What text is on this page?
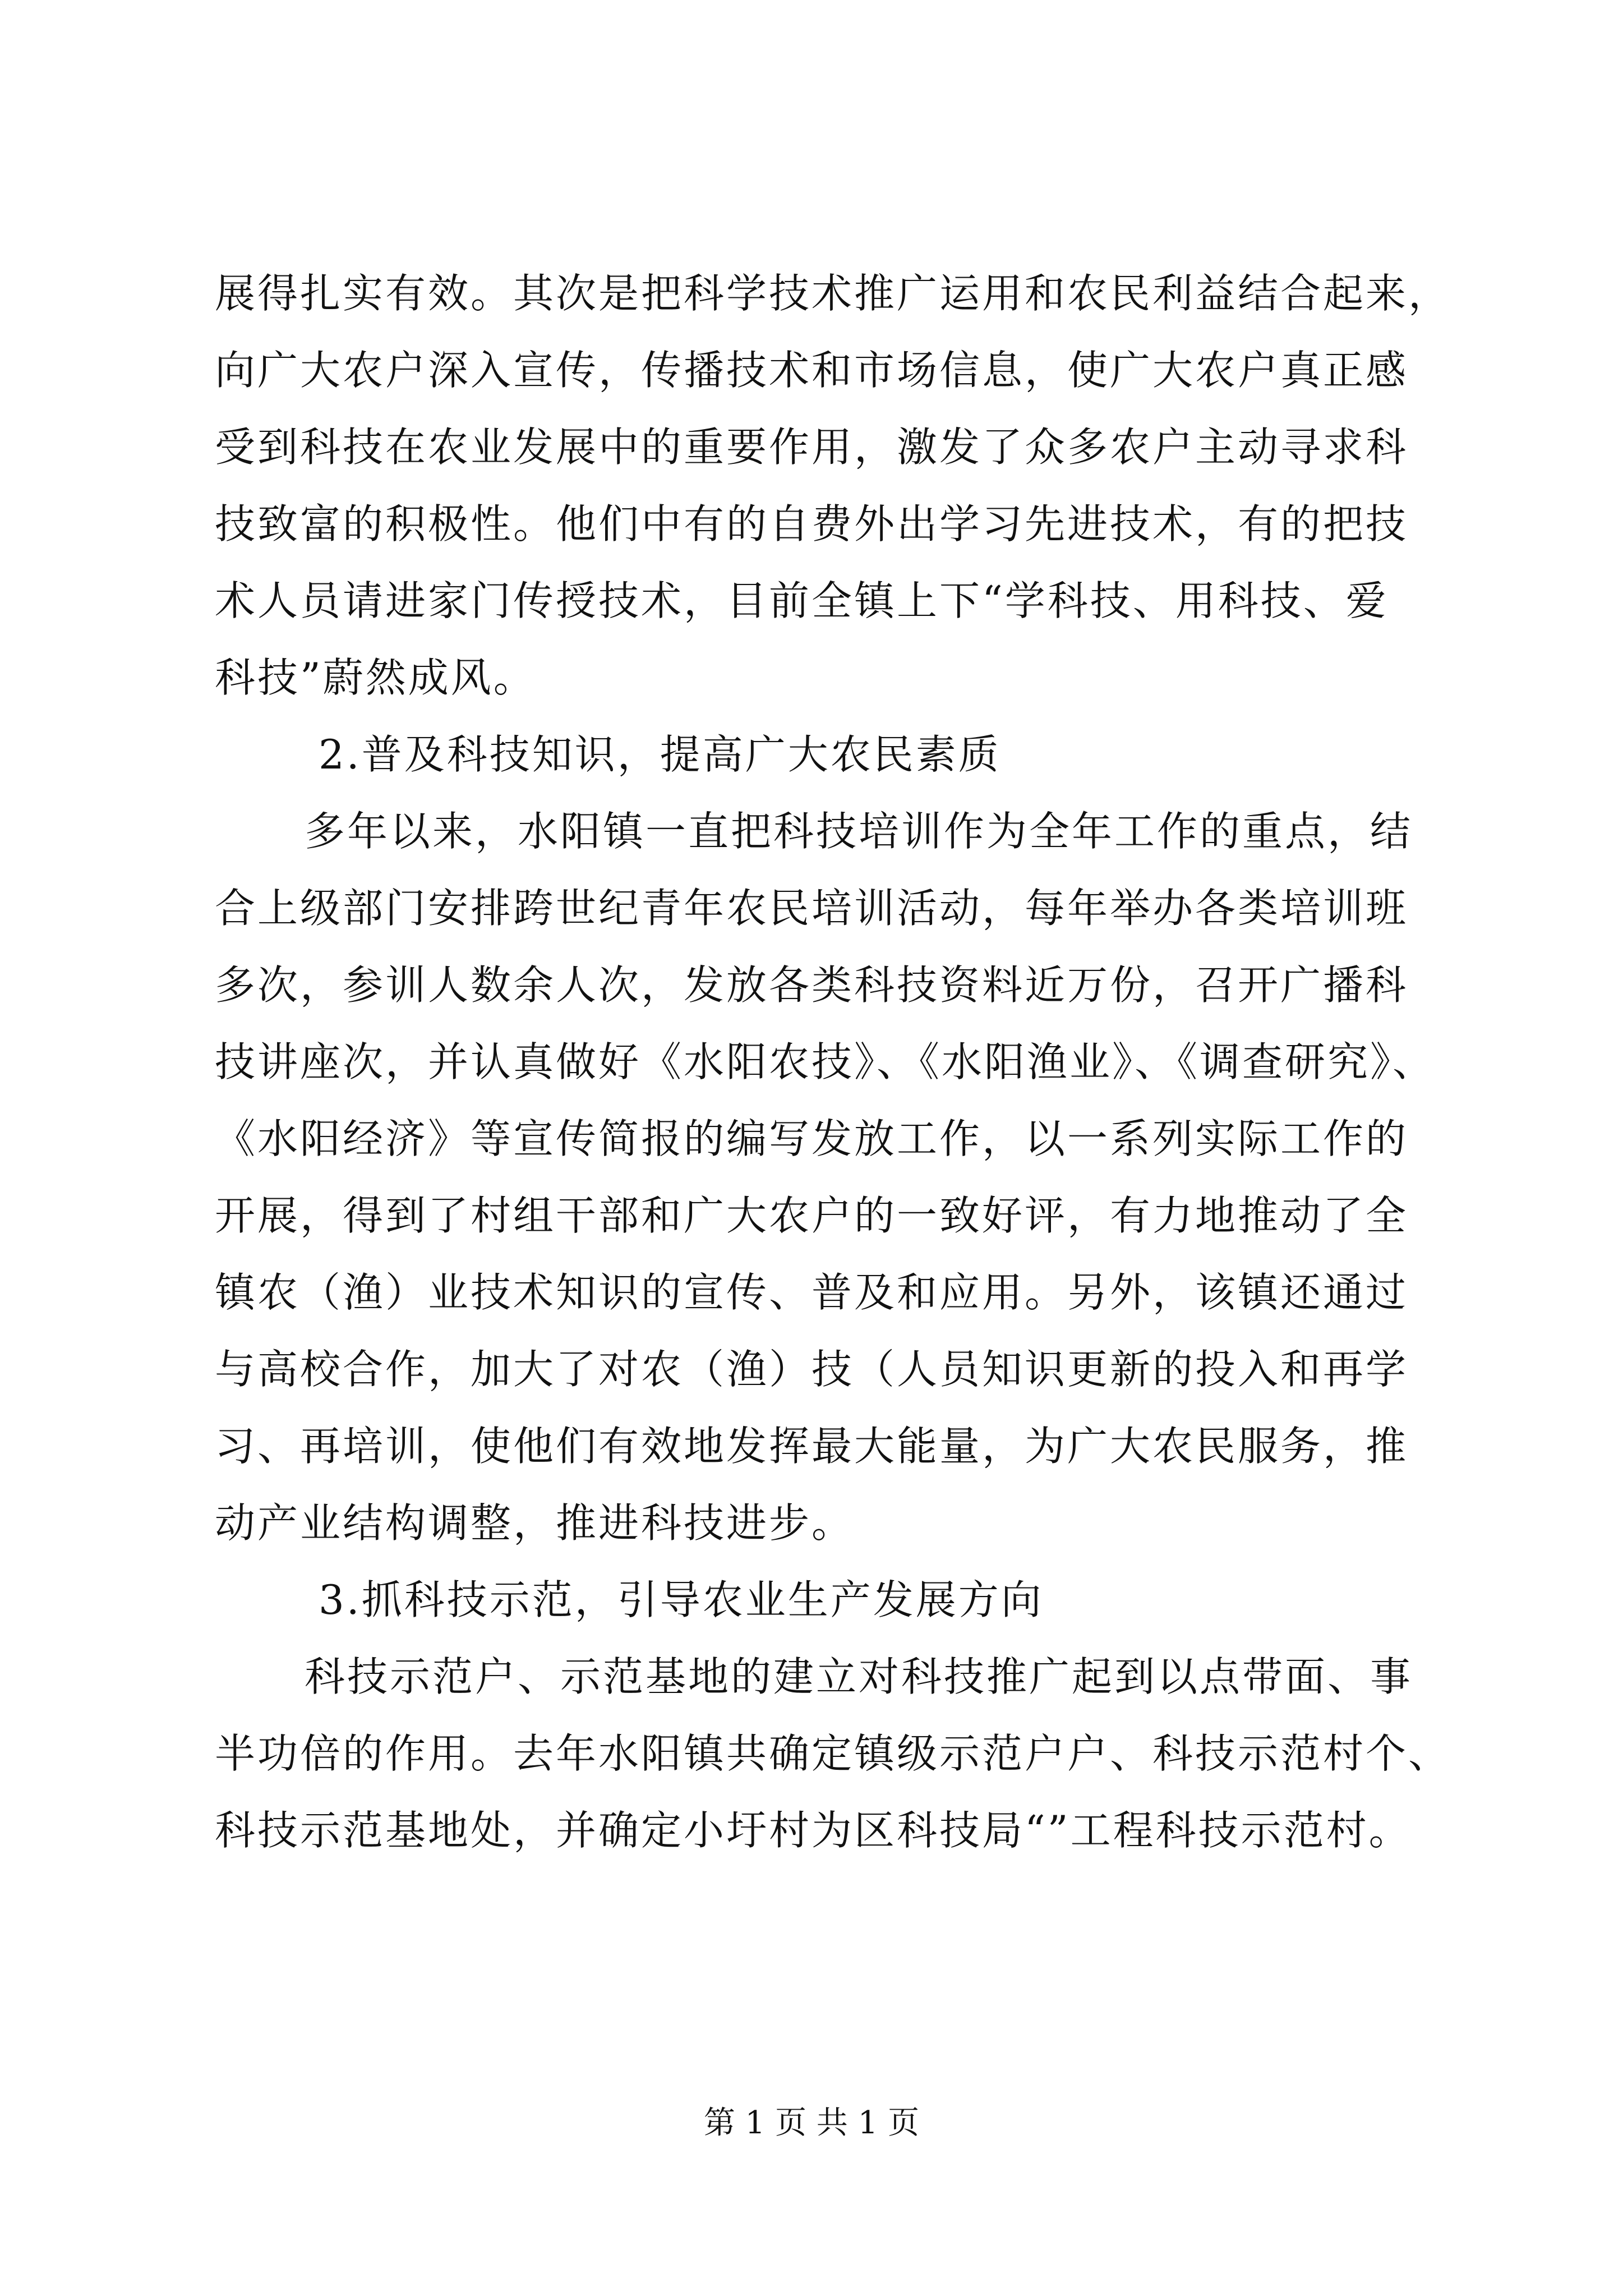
展得扎实有效。其次是把科学技术推广运用和农民利益结合起来，
向广大农户深入宣传，传播技术和市场信息，使广大农户真正感
受到科技在农业发展中的重要作用，激发了众多农户主动寻求科
技致富的积极性。他们中有的自费外出学习先进技术，有的把技
术人员请进家门传授技术，目前全镇上下“学科技、用科技、爱
科技”蔚然成风。
2.普及科技知识，提高广大农民素质
多年以来，水阳镇一直把科技培训作为全年工作的重点，结
合上级部门安排跨世纪青年农民培训活动，每年举办各类培训班
多次，参训人数余人次，发放各类科技资料近万份，召开广播科
技讲座次，并认真做好《水阳农技》、《水阳渔业》、《调查研究》、
《水阳经济》等宣传简报的编写发放工作，以一系列实际工作的
开展，得到了村组干部和广大农户的一致好评，有力地推动了全
镇农（渔）业技术知识的宣传、普及和应用。另外，该镇还通过
与高校合作，加大了对农（渔）技（人员知识更新的投入和再学
习、再培训，使他们有效地发挥最大能量，为广大农民服务，推
动产业结构调整，推进科技进步。
3.抓科技示范，引导农业生产发展方向
科技示范户、示范基地的建立对科技推广起到以点带面、事
半功倍的作用。去年水阳镇共确定镇级示范户户、科技示范村个、
科技示范基地处，并确定小圩村为区科技局“”工程科技示范村。
第 1 页 共 1 页
